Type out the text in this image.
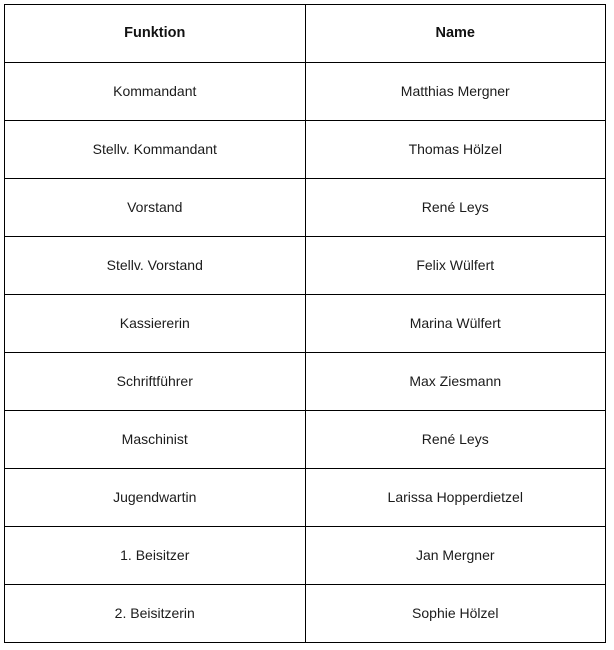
Funktion	Name
Kommandant	Matthias Mergner
Stellv. Kommandant	Thomas Hölzel
Vorstand	René Leys
Stellv. Vorstand	Felix Wülfert
Kassiererin	Marina Wülfert
Schriftführer	Max Ziesmann
Maschinist	René Leys
Jugendwartin	Larissa Hopperdietzel
1. Beisitzer	Jan Mergner
2. Beisitzerin	Sophie Hölzel
